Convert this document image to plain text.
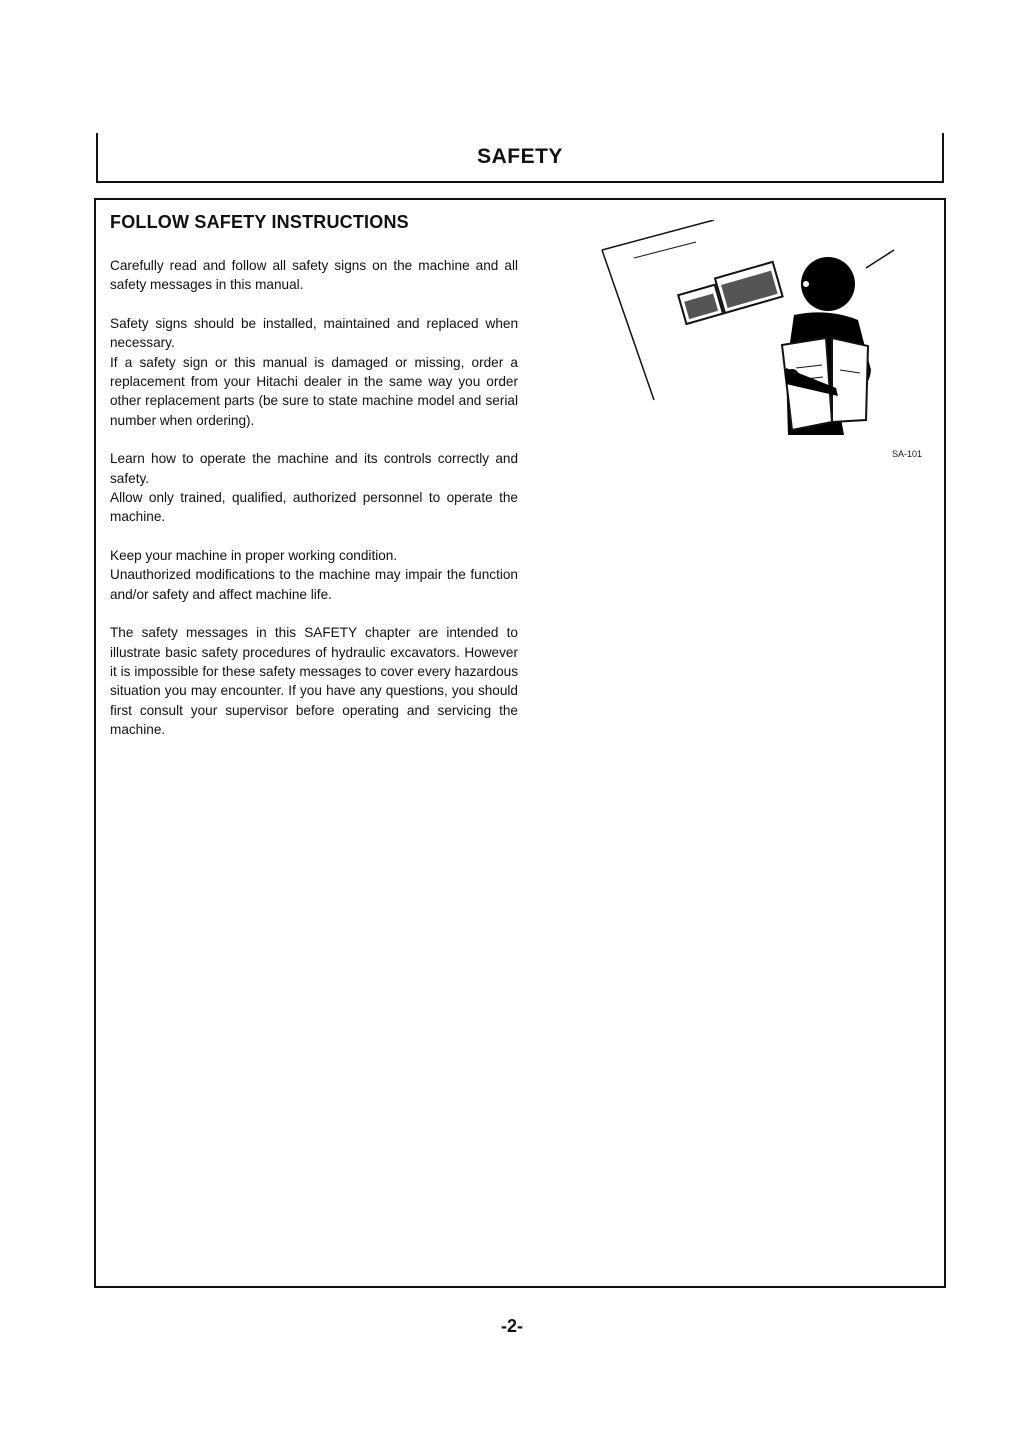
SAFETY
FOLLOW SAFETY INSTRUCTIONS

Carefully read and follow all safety signs on the machine and all safety messages in this manual.

Safety signs should be installed, maintained and replaced when necessary.
If a safety sign or this manual is damaged or missing, order a replacement from your Hitachi dealer in the same way you order other replacement parts (be sure to state machine model and serial number when ordering).

Learn how to operate the machine and its controls correctly and safety.
Allow only trained, qualified, authorized personnel to operate the machine.

Keep your machine in proper working condition.
Unauthorized modifications to the machine may impair the function and/or safety and affect machine life.

The safety messages in this SAFETY chapter are intended to illustrate basic safety procedures of hydraulic excavators. However it is impossible for these safety messages to cover every hazardous situation you may encounter. If you have any questions, you should first consult your supervisor before operating and servicing the machine.

SA-101
-2-
